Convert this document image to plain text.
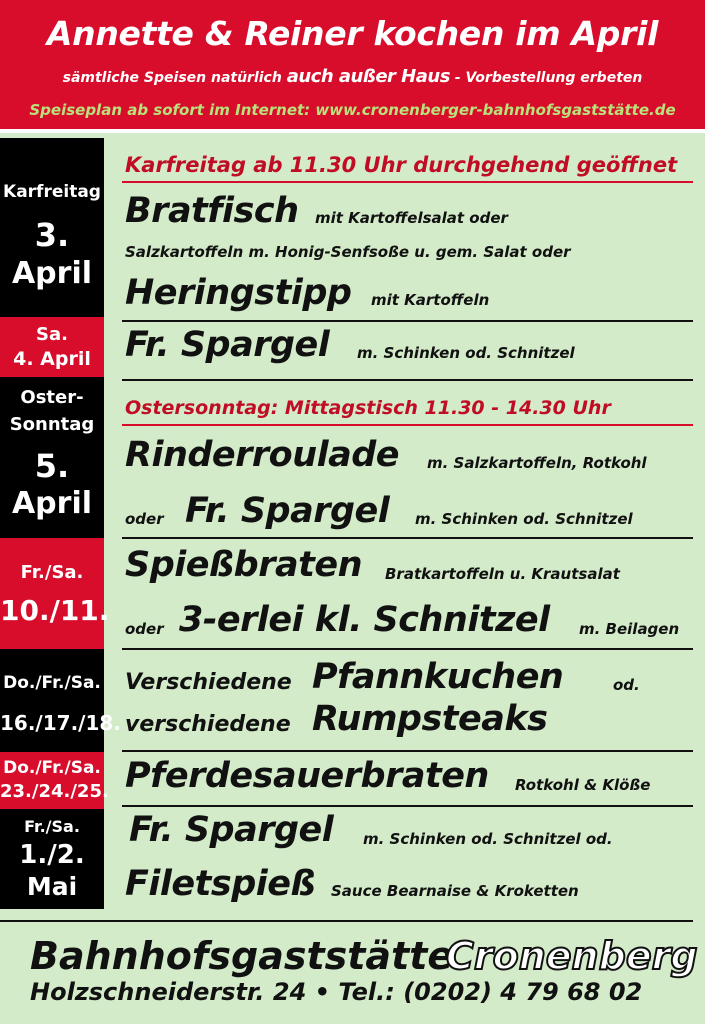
Annette & Reiner kochen im April
sämtliche Speisen natürlich auch außer Haus - Vorbestellung erbeten
Speiseplan ab sofort im Internet: www.cronenberger-bahnhofsgaststätte.de
Karfreitag
3.
April
Sa.
4. April
Oster-
Sonntag
5.
April
Fr./Sa.
10./11.
Do./Fr./Sa.
16./17./18.
Do./Fr./Sa.
23./24./25.
Fr./Sa.
1./2.
Mai
Karfreitag ab 11.30 Uhr durchgehend geöffnet
Bratfisch mit Kartoffelsalat oder
Salzkartoffeln m. Honig-Senfsoße u. gem. Salat oder
Heringstipp mit Kartoffeln
Fr. Spargel m. Schinken od. Schnitzel
Ostersonntag: Mittagstisch 11.30 - 14.30 Uhr
Rinderroulade m. Salzkartoffeln, Rotkohl
oder Fr. Spargel m. Schinken od. Schnitzel
Spießbraten Bratkartoffeln u. Krautsalat
oder 3-erlei kl. Schnitzel m. Beilagen
Verschiedene Pfannkuchen	od.
verschiedene Rumpsteaks
Pferdesauerbraten Rotkohl & Klöße
Fr. Spargel m. Schinken od. Schnitzel od.
Filetspieß Sauce Bearnaise & Kroketten
Bahnhofsgaststätte
Cronenberg
Holzschneiderstr. 24 • Tel.: (0202) 4 79 68 02
